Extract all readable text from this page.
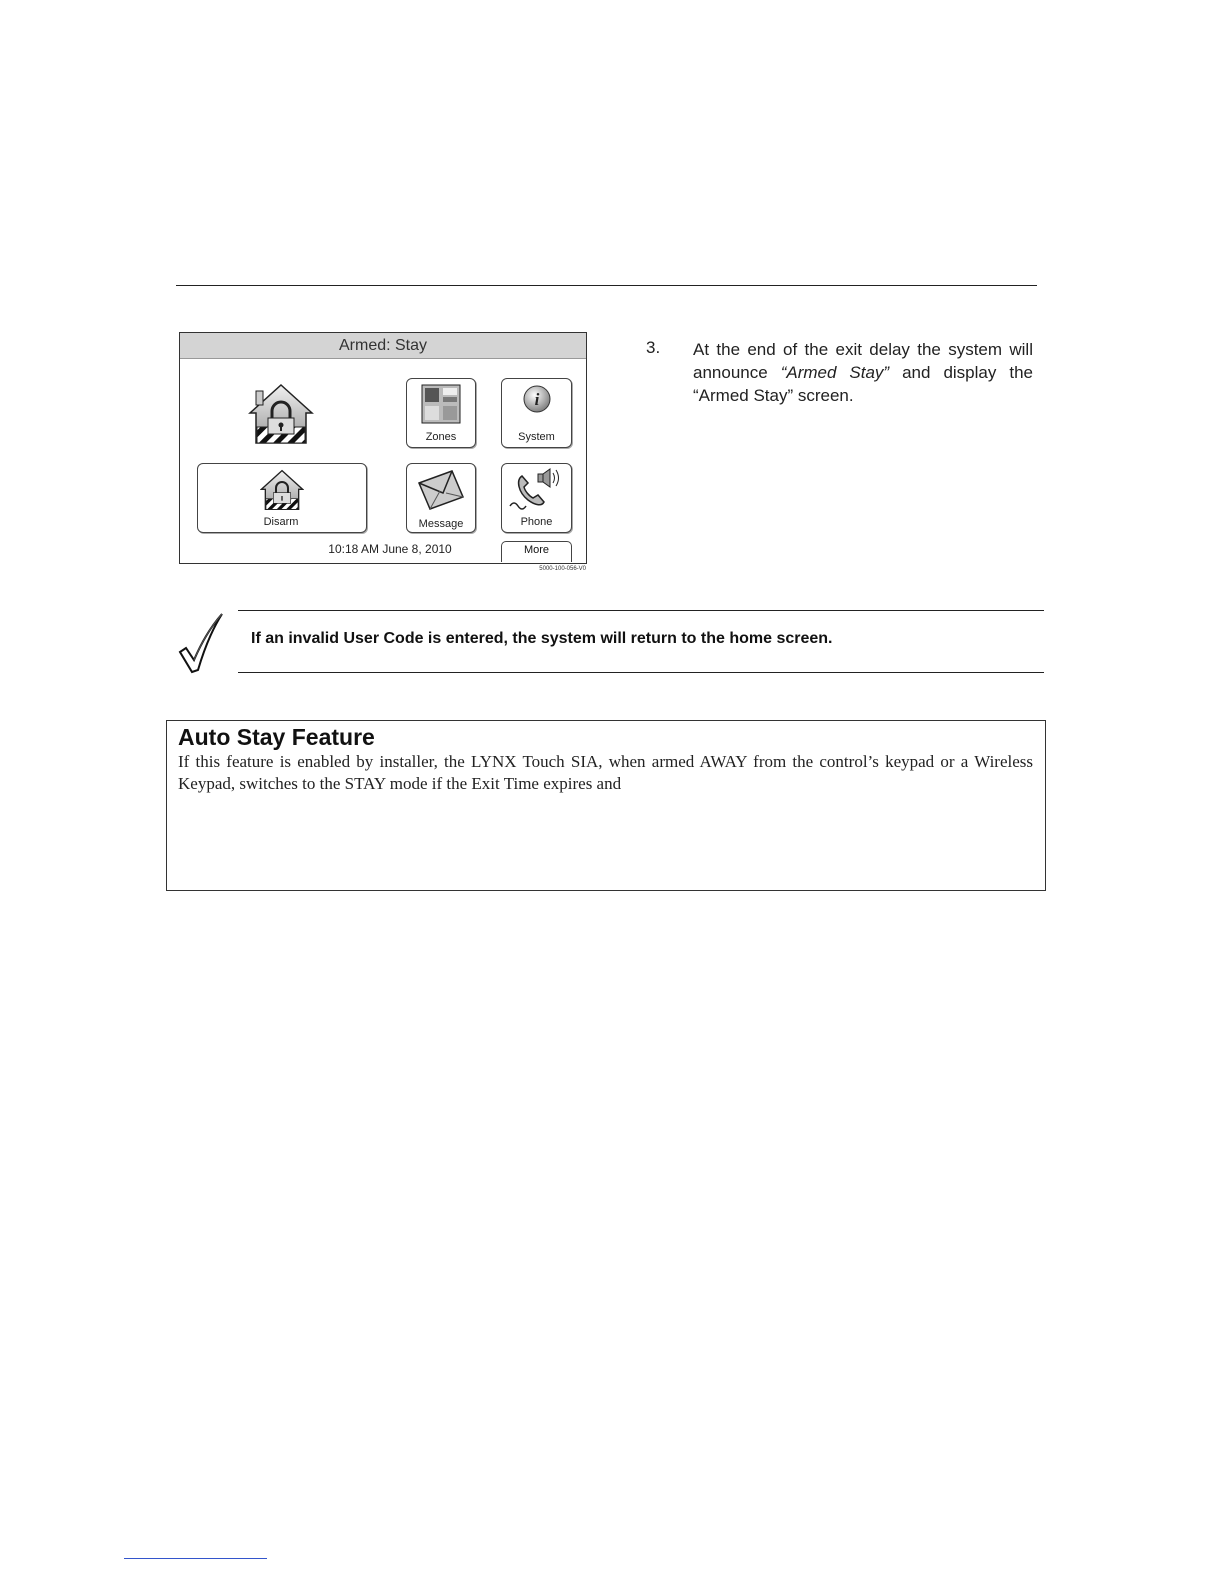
Armed: Stay
Zones
i
System
Disarm	Message	Phone
10:18 AM June 8, 2010	More
5000-100-056-V0
3. At the end of the exit delay the system will announce “Armed Stay” and display the “Armed Stay” screen.
If an invalid User Code is entered, the system will return to the home screen.
Auto Stay Feature
If this feature is enabled by installer, the LYNX Touch SIA, when armed AWAY from the control’s keypad or a Wireless Keypad, switches to the STAY mode if the Exit Time expires and
